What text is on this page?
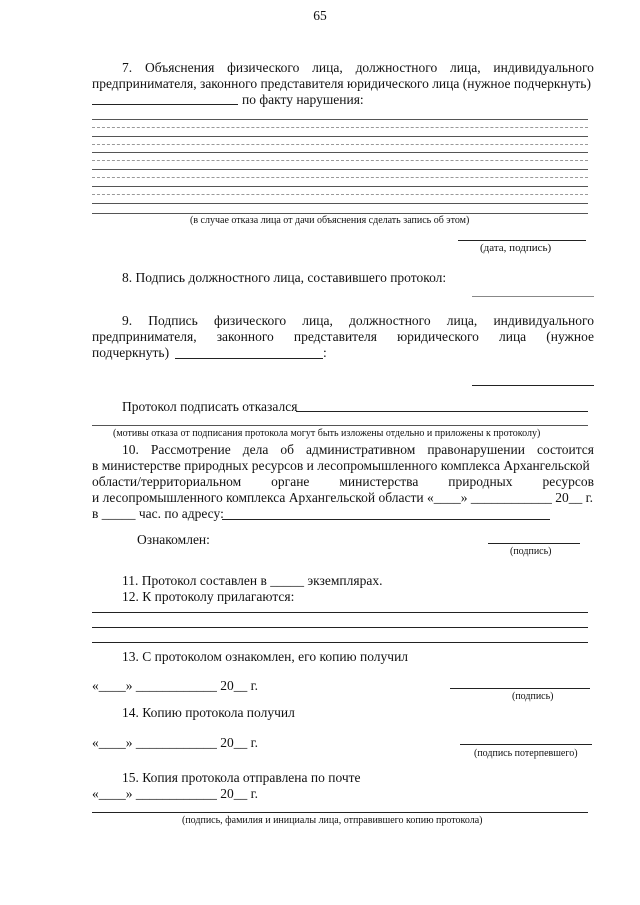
65
7. Объяснения физического лица, должностного лица, индивидуального
предпринимателя, законного представителя юридического лица (нужное подчеркнуть)
по факту нарушения:
(в случае отказа лица от дачи объяснения сделать запись об этом)
(дата, подпись)
8. Подпись должностного лица, составившего протокол:
9. Подпись физического лица, должностного лица, индивидуального
предпринимателя, законного представителя юридического лица (нужное
подчеркнуть)	:
Протокол подписать отказался
(мотивы отказа от подписания протокола могут быть изложены отдельно и приложены к протоколу)
10. Рассмотрение дела об административном правонарушении состоится
в министерстве природных ресурсов и лесопромышленного комплекса Архангельской
области/территориальном органе министерства природных ресурсов
и лесопромышленного комплекса Архангельской области «____» ____________ 20__ г.
в _____ час. по адресу:
Ознакомлен:
(подпись)
11. Протокол составлен в _____ экземплярах.
12. К протоколу прилагаются:
13. С протоколом ознакомлен, его копию получил
«____» ____________ 20__ г.
(подпись)
14. Копию протокола получил
«____» ____________ 20__ г.
(подпись потерпевшего)
15. Копия протокола отправлена по почте
«____» ____________ 20__ г.
(подпись, фамилия и инициалы лица, отправившего копию протокола)
